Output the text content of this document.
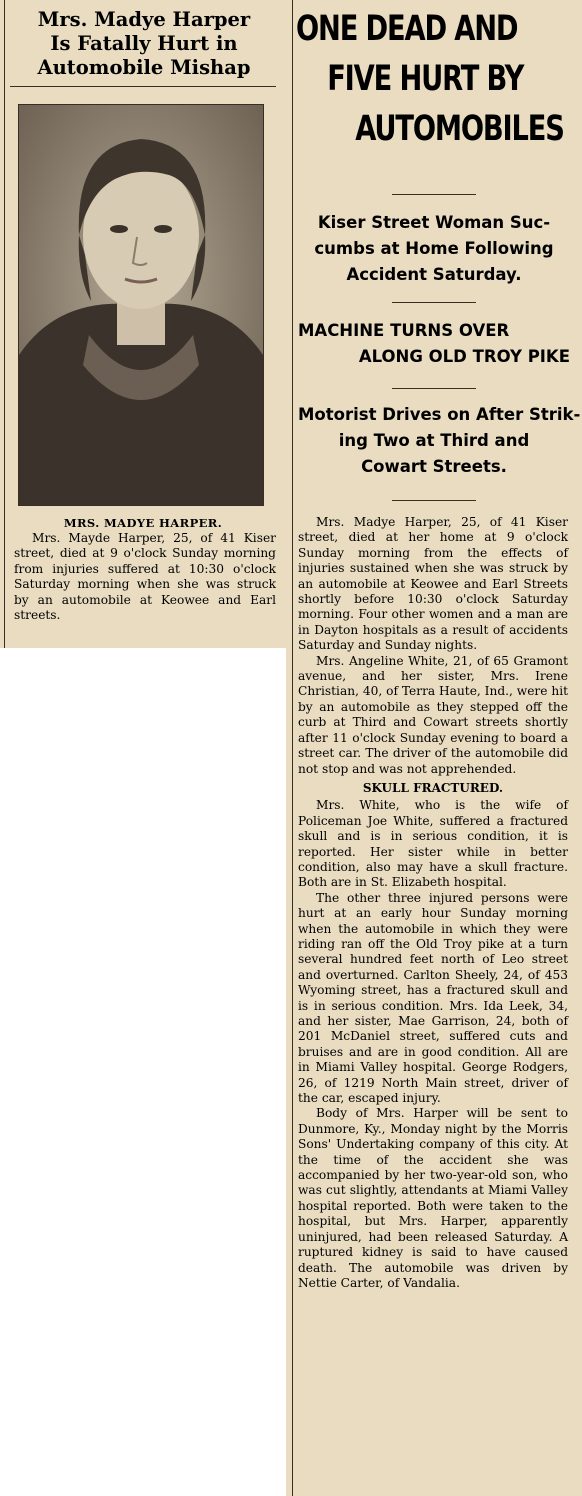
Mrs. Madye Harper
Is Fatally Hurt in
Automobile Mishap
MRS. MADYE HARPER.

Mrs. Mayde Harper, 25, of 41 Kiser street, died at 9 o'clock Sunday morning from injuries suffered at 10:30 o'clock Saturday morning when she was struck by an automobile at Keowee and Earl streets.

ONE DEAD AND
FIVE HURT BY
AUTOMOBILES
Kiser Street Woman Suc-
cumbs at Home Following
Accident Saturday.
MACHINE TURNS OVER
ALONG OLD TROY PIKE
Motorist Drives on After Strik-
ing Two at Third and
Cowart Streets.

Mrs. Madye Harper, 25, of 41 Kiser street, died at her home at 9 o'clock Sunday morning from the effects of injuries sustained when she was struck by an automobile at Keowee and Earl Streets shortly before 10:30 o'clock Saturday morning. Four other women and a man are in Dayton hospitals as a result of accidents Saturday and Sunday nights.

Mrs. Angeline White, 21, of 65 Gramont avenue, and her sister, Mrs. Irene Christian, 40, of Terra Haute, Ind., were hit by an automobile as they stepped off the curb at Third and Cowart streets shortly after 11 o'clock Sunday evening to board a street car. The driver of the automobile did not stop and was not apprehended.

SKULL FRACTURED.

Mrs. White, who is the wife of Policeman Joe White, suffered a fractured skull and is in serious condition, it is reported. Her sister while in better condition, also may have a skull fracture. Both are in St. Elizabeth hospital.

The other three injured persons were hurt at an early hour Sunday morning when the automobile in which they were riding ran off the Old Troy pike at a turn several hundred feet north of Leo street and overturned. Carlton Sheely, 24, of 453 Wyoming street, has a fractured skull and is in serious condition. Mrs. Ida Leek, 34, and her sister, Mae Garrison, 24, both of 201 McDaniel street, suffered cuts and bruises and are in good condition. All are in Miami Valley hospital. George Rodgers, 26, of 1219 North Main street, driver of the car, escaped injury.

Body of Mrs. Harper will be sent to Dunmore, Ky., Monday night by the Morris Sons' Undertaking company of this city. At the time of the accident she was accompanied by her two-year-old son, who was cut slightly, attendants at Miami Valley hospital reported. Both were taken to the hospital, but Mrs. Harper, apparently uninjured, had been released Saturday. A ruptured kidney is said to have caused death. The automobile was driven by Nettie Carter, of Vandalia.
